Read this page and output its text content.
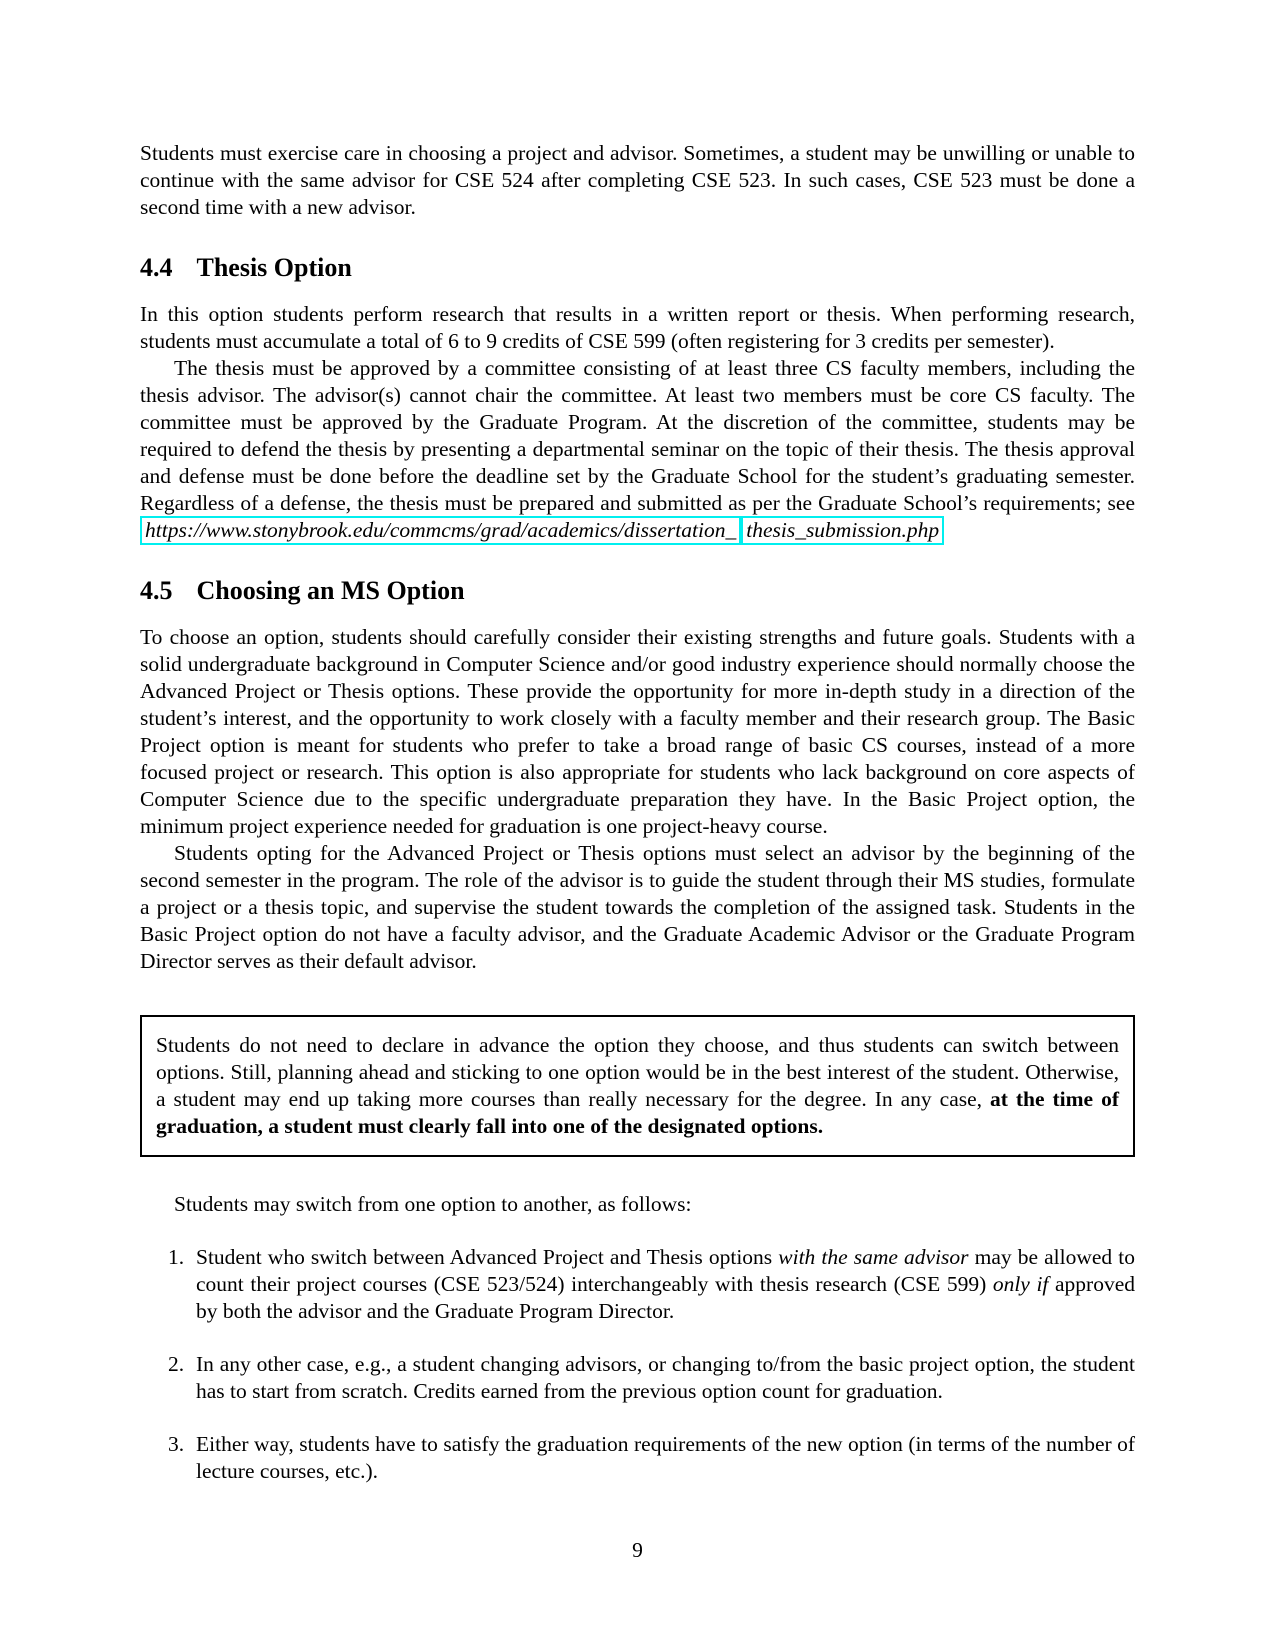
Students must exercise care in choosing a project and advisor. Sometimes, a student may be unwilling or unable to continue with the same advisor for CSE 524 after completing CSE 523. In such cases, CSE 523 must be done a second time with a new advisor.

4.4 Thesis Option

In this option students perform research that results in a written report or thesis. When performing research, students must accumulate a total of 6 to 9 credits of CSE 599 (often registering for 3 credits per semester).

The thesis must be approved by a committee consisting of at least three CS faculty members, including the thesis advisor. The advisor(s) cannot chair the committee. At least two members must be core CS faculty. The committee must be approved by the Graduate Program. At the discretion of the committee, students may be required to defend the thesis by presenting a departmental seminar on the topic of their thesis. The thesis approval and defense must be done before the deadline set by the Graduate School for the student’s graduating semester. Regardless of a defense, the thesis must be prepared and submitted as per the Graduate School’s requirements; see https://www.stonybrook.edu/commcms/grad/academics/dissertation_ thesis_submission.php

4.5 Choosing an MS Option

To choose an option, students should carefully consider their existing strengths and future goals. Students with a solid undergraduate background in Computer Science and/or good industry experience should normally choose the Advanced Project or Thesis options. These provide the opportunity for more in-depth study in a direction of the student’s interest, and the opportunity to work closely with a faculty member and their research group. The Basic Project option is meant for students who prefer to take a broad range of basic CS courses, instead of a more focused project or research. This option is also appropriate for students who lack background on core aspects of Computer Science due to the specific undergraduate preparation they have. In the Basic Project option, the minimum project experience needed for graduation is one project-heavy course.

Students opting for the Advanced Project or Thesis options must select an advisor by the beginning of the second semester in the program. The role of the advisor is to guide the student through their MS studies, formulate a project or a thesis topic, and supervise the student towards the completion of the assigned task. Students in the Basic Project option do not have a faculty advisor, and the Graduate Academic Advisor or the Graduate Program Director serves as their default advisor.

Students do not need to declare in advance the option they choose, and thus students can switch between options. Still, planning ahead and sticking to one option would be in the best interest of the student. Otherwise, a student may end up taking more courses than really necessary for the degree. In any case, at the time of graduation, a student must clearly fall into one of the designated options.

Students may switch from one option to another, as follows:

1. Student who switch between Advanced Project and Thesis options with the same advisor may be allowed to count their project courses (CSE 523/524) interchangeably with thesis research (CSE 599) only if approved by both the advisor and the Graduate Program Director.
2. In any other case, e.g., a student changing advisors, or changing to/from the basic project option, the student has to start from scratch. Credits earned from the previous option count for graduation.
3. Either way, students have to satisfy the graduation requirements of the new option (in terms of the number of lecture courses, etc.).
9
